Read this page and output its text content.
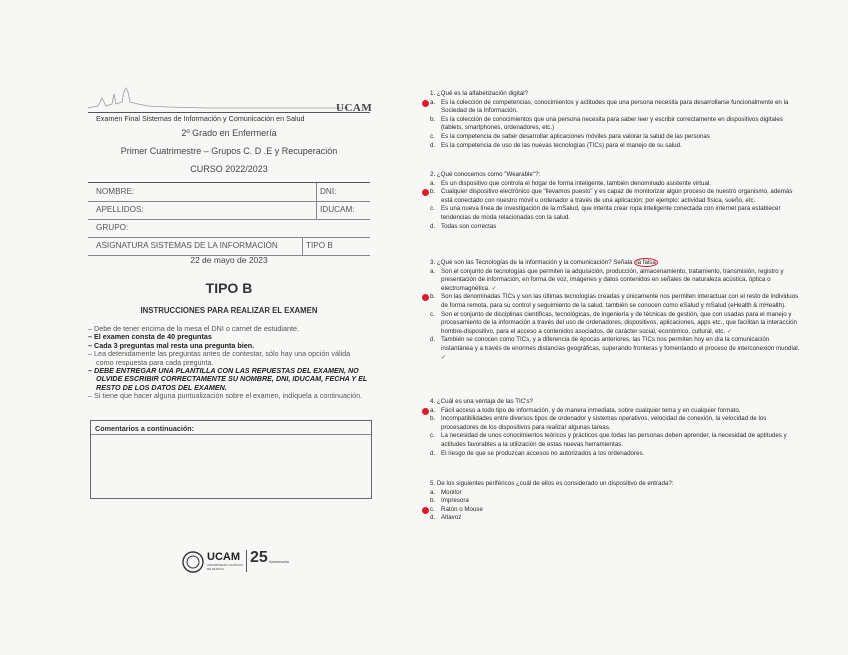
UCAM
Examen Final Sistemas de Información y Comunicación en Salud
2º Grado en Enfermería
Primer Cuatrimestre – Grupos C. D .E y Recuperación
CURSO 2022/2023
NOMBRE:	DNI:
APELLIDOS:	IDUCAM:
GRUPO:
ASIGNATURA SISTEMAS DE LA INFORMACIÓN	TIPO B
22 de mayo de 2023
TIPO B
INSTRUCCIONES PARA REALIZAR EL EXAMEN
– Debe de tener encima de la mesa el DNI o carnet de estudiante.
– El examen consta de 40 preguntas
– Cada 3 preguntas mal resta una pregunta bien.
– Lea detenidamente las preguntas antes de contestar, sólo hay una opción válida como respuesta para cada pregunta.
– DEBE ENTREGAR UNA PLANTILLA CON LAS REPUESTAS DEL EXAMEN, NO OLVIDE ESCRIBIR CORRECTAMENTE SU NOMBRE, DNI, IDUCAM, FECHA Y EL RESTO DE LOS DATOS DEL EXAMEN.
– Si tiene que hacer alguna puntualización sobre el examen, indíquela a continuación.
Comentarios a continuación:
UCAM
UNIVERSIDAD CATÓLICA DE MURCIA
25 Aniversario
1. ¿Qué es la alfabetización digital?
a. Es la colección de competencias, conocimientos y actitudes que una persona necesita para desarrollarse funcionalmente en la Sociedad de la Información.
b. Es la colección de conocimientos que una persona necesita para saber leer y escribir correctamente en dispositivos digitales (tablets, smartphones, ordenadores, etc.)
c. Es la competencia de saber desarrollar aplicaciones móviles para valorar la salud de las personas
d. Es la competencia de uso de las nuevas tecnologías (TICs) para el manejo de su salud.
2. ¿Qué conocemos como "Wearable"?:
a. Es un dispositivo que controla el hogar de forma inteligente, también denominado asistente virtual.
b. Cualquier dispositivo electrónico que "llevamos puesto" y es capaz de monitorizar algún proceso de nuestro organismo, además está conectado con nuestro móvil u ordenador a través de una aplicación; por ejemplo: actividad física, sueño, etc.
c. Es una nueva línea de investigación de la mSalud, que intenta crear ropa inteligente conectada con internet para establecer tendencias de moda relacionadas con la salud.
d. Todas son correctas
3. ¿Qué son las Tecnologías de la información y la comunicación? Señala la falsa
a. Son el conjunto de tecnologías que permiten la adquisición, producción, almacenamiento, tratamiento, transmisión, registro y presentación de información, en forma de voz, imágenes y datos contenidos en señales de naturaleza acústica, óptica o electromagnética. ✓
b. Son las denominadas TICs y son las últimas tecnologías creadas y únicamente nos permiten interactuar con el resto de individuos de forma remota, para su control y seguimiento de la salud, también se conocen como eSalud y mSalud (eHealth & mHealth).
c. Son el conjunto de disciplinas científicas, tecnológicas, de ingeniería y de técnicas de gestión, que con usadas para el manejo y procesamiento de la información a través del uso de ordenadores, dispositivos, aplicaciones, apps etc., que facilitan la interacción hombre-dispositivo, para el acceso a contenidos asociados, de carácter social, económico, cultural, etc. ✓
d. También se conocen como TICs, y a diferencia de épocas anteriores, las TICs nos permiten hoy en día la comunicación instantánea y a través de enormes distancias geográficas, superando fronteras y fomentando el proceso de interconexión mundial. ✓
4. ¿Cuál es una ventaja de las TIC's?
a. Fácil acceso a todo tipo de información, y de manera inmediata, sobre cualquier tema y en cualquier formato.
b. Incompatibilidades entre diversos tipos de ordenador y sistemas operativos, velocidad de conexión, la velocidad de los procesadores de los dispositivos para realizar algunas tareas.
c. La necesidad de unos conocimientos teóricos y prácticos que todas las personas deben aprender, la necesidad de aptitudes y actitudes favorables a la utilización de estas nuevas herramientas.
d. El riesgo de que se produzcan accesos no autorizados a los ordenadores.
5. De los siguientes periféricos ¿cuál de ellos es considerado un dispositivo de entrada?:
a. Monitor
b. Impresora
c. Ratón o Mouse
d. Altavoz
